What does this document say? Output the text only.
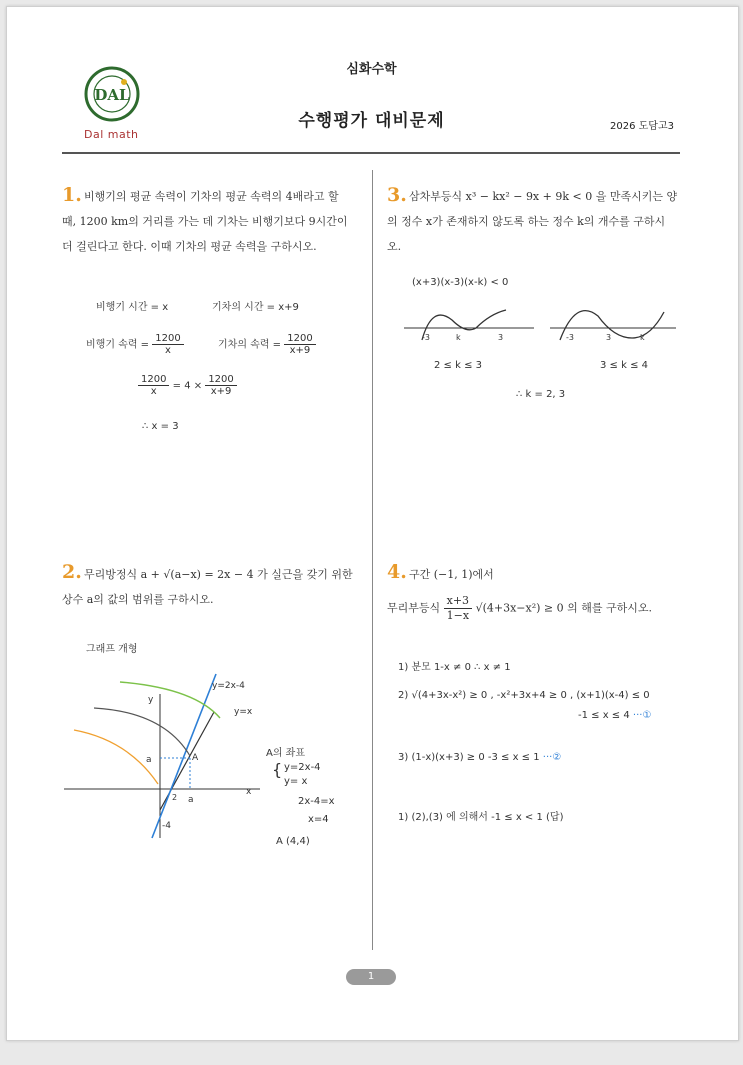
심화수학
수행평가 대비문제	2026 도담고3
DAL
Dal math
1. 비행기의 평균 속력이 기차의 평균 속력의 4배라고 할 때, 1200 km의 거리를 가는 데 기차는 비행기보다 9시간이 더 걸린다고 한다. 이때 기차의 평균 속력을 구하시오.
비행기 시간 = x	기차의 시간 = x+9
비행기 속력 = $\frac{1200}{x}$	기차의 속력 = $\frac{1200}{x+9}$
$\frac{1200}{x} = 4 \times \frac{1200}{x+9}$
∴ x = 3
3. 삼차부등식 x³ − kx² − 9x + 9k < 0 을 만족시키는 양의 정수 x가 존재하지 않도록 하는 정수 k의 개수를 구하시오.
(x+3)(x-3)(x-k) < 0
-3	k	3	-3	3	k
2 ≤ k ≤ 3	3 ≤ k ≤ 4
∴ k = 2, 3
2. 무리방정식 a + √(a−x) = 2x − 4 가 실근을 갖기 위한 상수 a의 값의 범위를 구하시오.
그래프 개형
y=2x-4
y=x
y
x
a	A
2 a
-4
A의 좌표
{ y=2x-4
y= x
2x-4=x
x=4
A (4,4)
4. 구간 (−1, 1)에서
무리부등식 $\frac{x+3}{1-x} √(4+3x-x^2) \ge 0$ 의 해를 구하시오.
1) 분모 1-x ≠ 0 ∴ x ≠ 1
2) √(4+3x-x²) ≥ 0 , -x²+3x+4 ≥ 0 , (x+1)(x-4) ≤ 0
-1 ≤ x ≤ 4 ···①
3) (1-x)(x+3) ≥ 0 -3 ≤ x ≤ 1 ···②
1) (2),(3) 에 의해서 -1 ≤ x < 1 (답)
1
